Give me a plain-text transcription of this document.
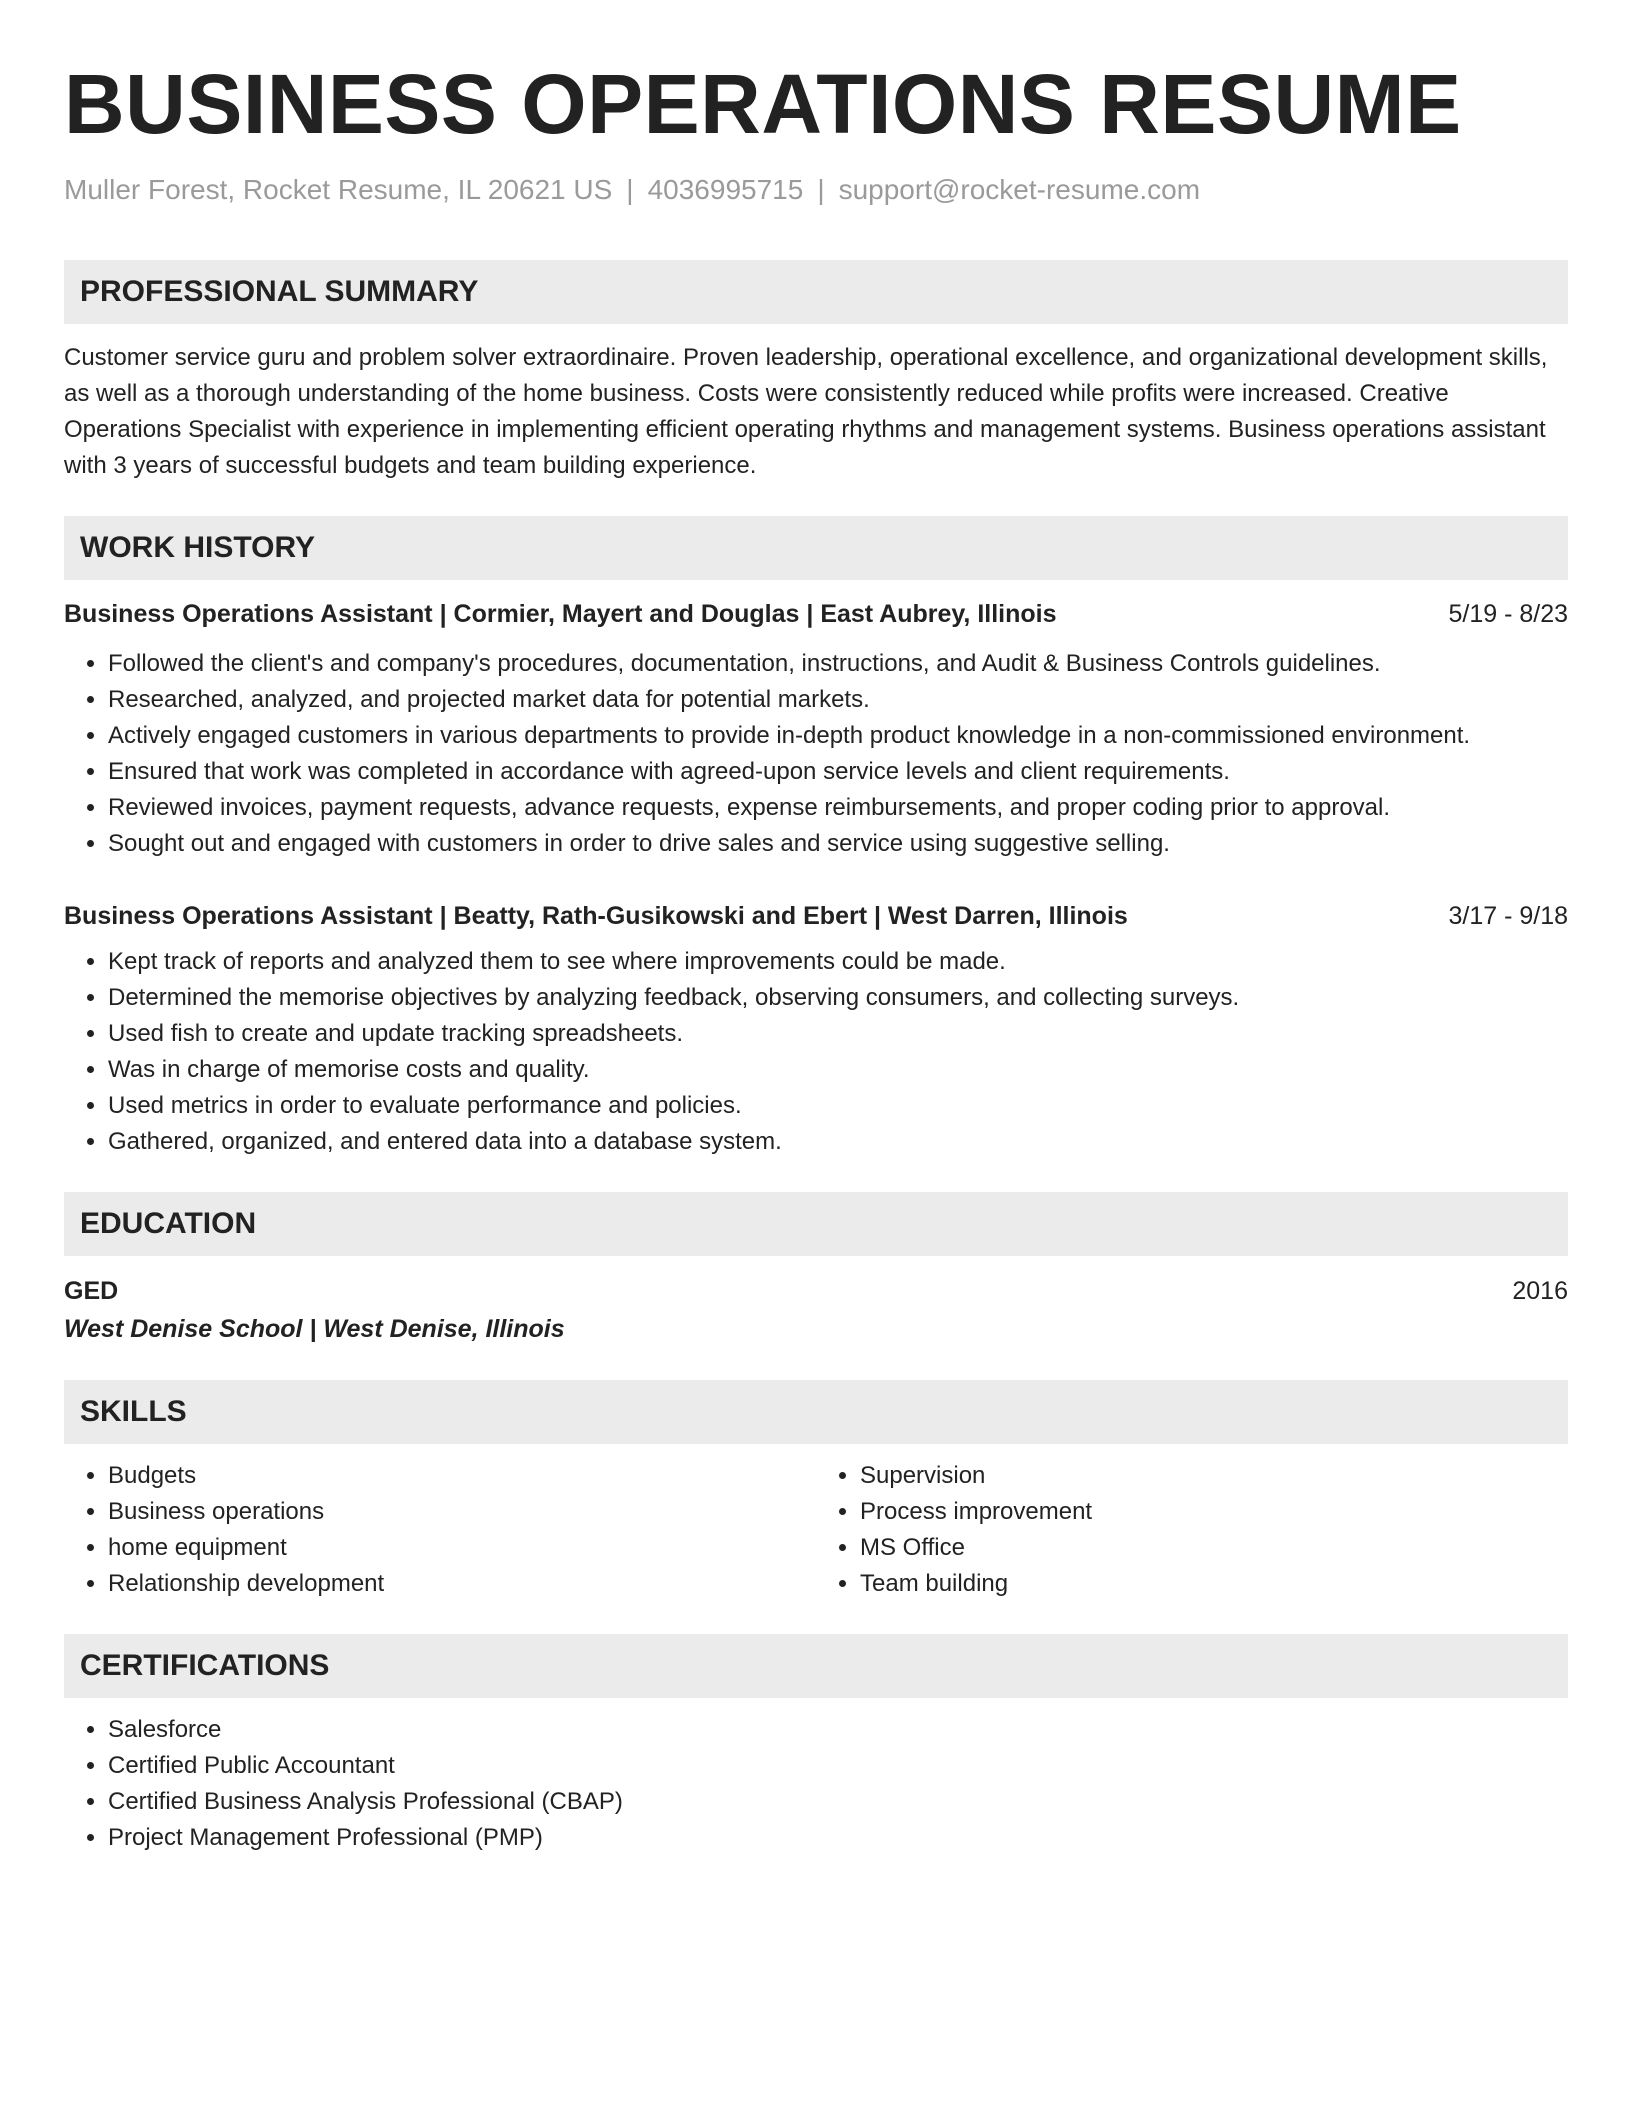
BUSINESS OPERATIONS RESUME
Muller Forest, Rocket Resume, IL 20621 US | 4036995715 | support@rocket-resume.com
PROFESSIONAL SUMMARY
Customer service guru and problem solver extraordinaire. Proven leadership, operational excellence, and organizational development skills, as well as a thorough understanding of the home business. Costs were consistently reduced while profits were increased. Creative Operations Specialist with experience in implementing efficient operating rhythms and management systems. Business operations assistant with 3 years of successful budgets and team building experience.
WORK HISTORY
Business Operations Assistant | Cormier, Mayert and Douglas | East Aubrey, Illinois	5/19 - 8/23
• Followed the client's and company's procedures, documentation, instructions, and Audit & Business Controls guidelines.
• Researched, analyzed, and projected market data for potential markets.
• Actively engaged customers in various departments to provide in-depth product knowledge in a non-commissioned environment.
• Ensured that work was completed in accordance with agreed-upon service levels and client requirements.
• Reviewed invoices, payment requests, advance requests, expense reimbursements, and proper coding prior to approval.
• Sought out and engaged with customers in order to drive sales and service using suggestive selling.
Business Operations Assistant | Beatty, Rath-Gusikowski and Ebert | West Darren, Illinois	3/17 - 9/18
• Kept track of reports and analyzed them to see where improvements could be made.
• Determined the memorise objectives by analyzing feedback, observing consumers, and collecting surveys.
• Used fish to create and update tracking spreadsheets.
• Was in charge of memorise costs and quality.
• Used metrics in order to evaluate performance and policies.
• Gathered, organized, and entered data into a database system.
EDUCATION
GED	2016
West Denise School | West Denise, Illinois
SKILLS
• Budgets
• Business operations
• home equipment
• Relationship development
• Supervision
• Process improvement
• MS Office
• Team building
CERTIFICATIONS
• Salesforce
• Certified Public Accountant
• Certified Business Analysis Professional (CBAP)
• Project Management Professional (PMP)
